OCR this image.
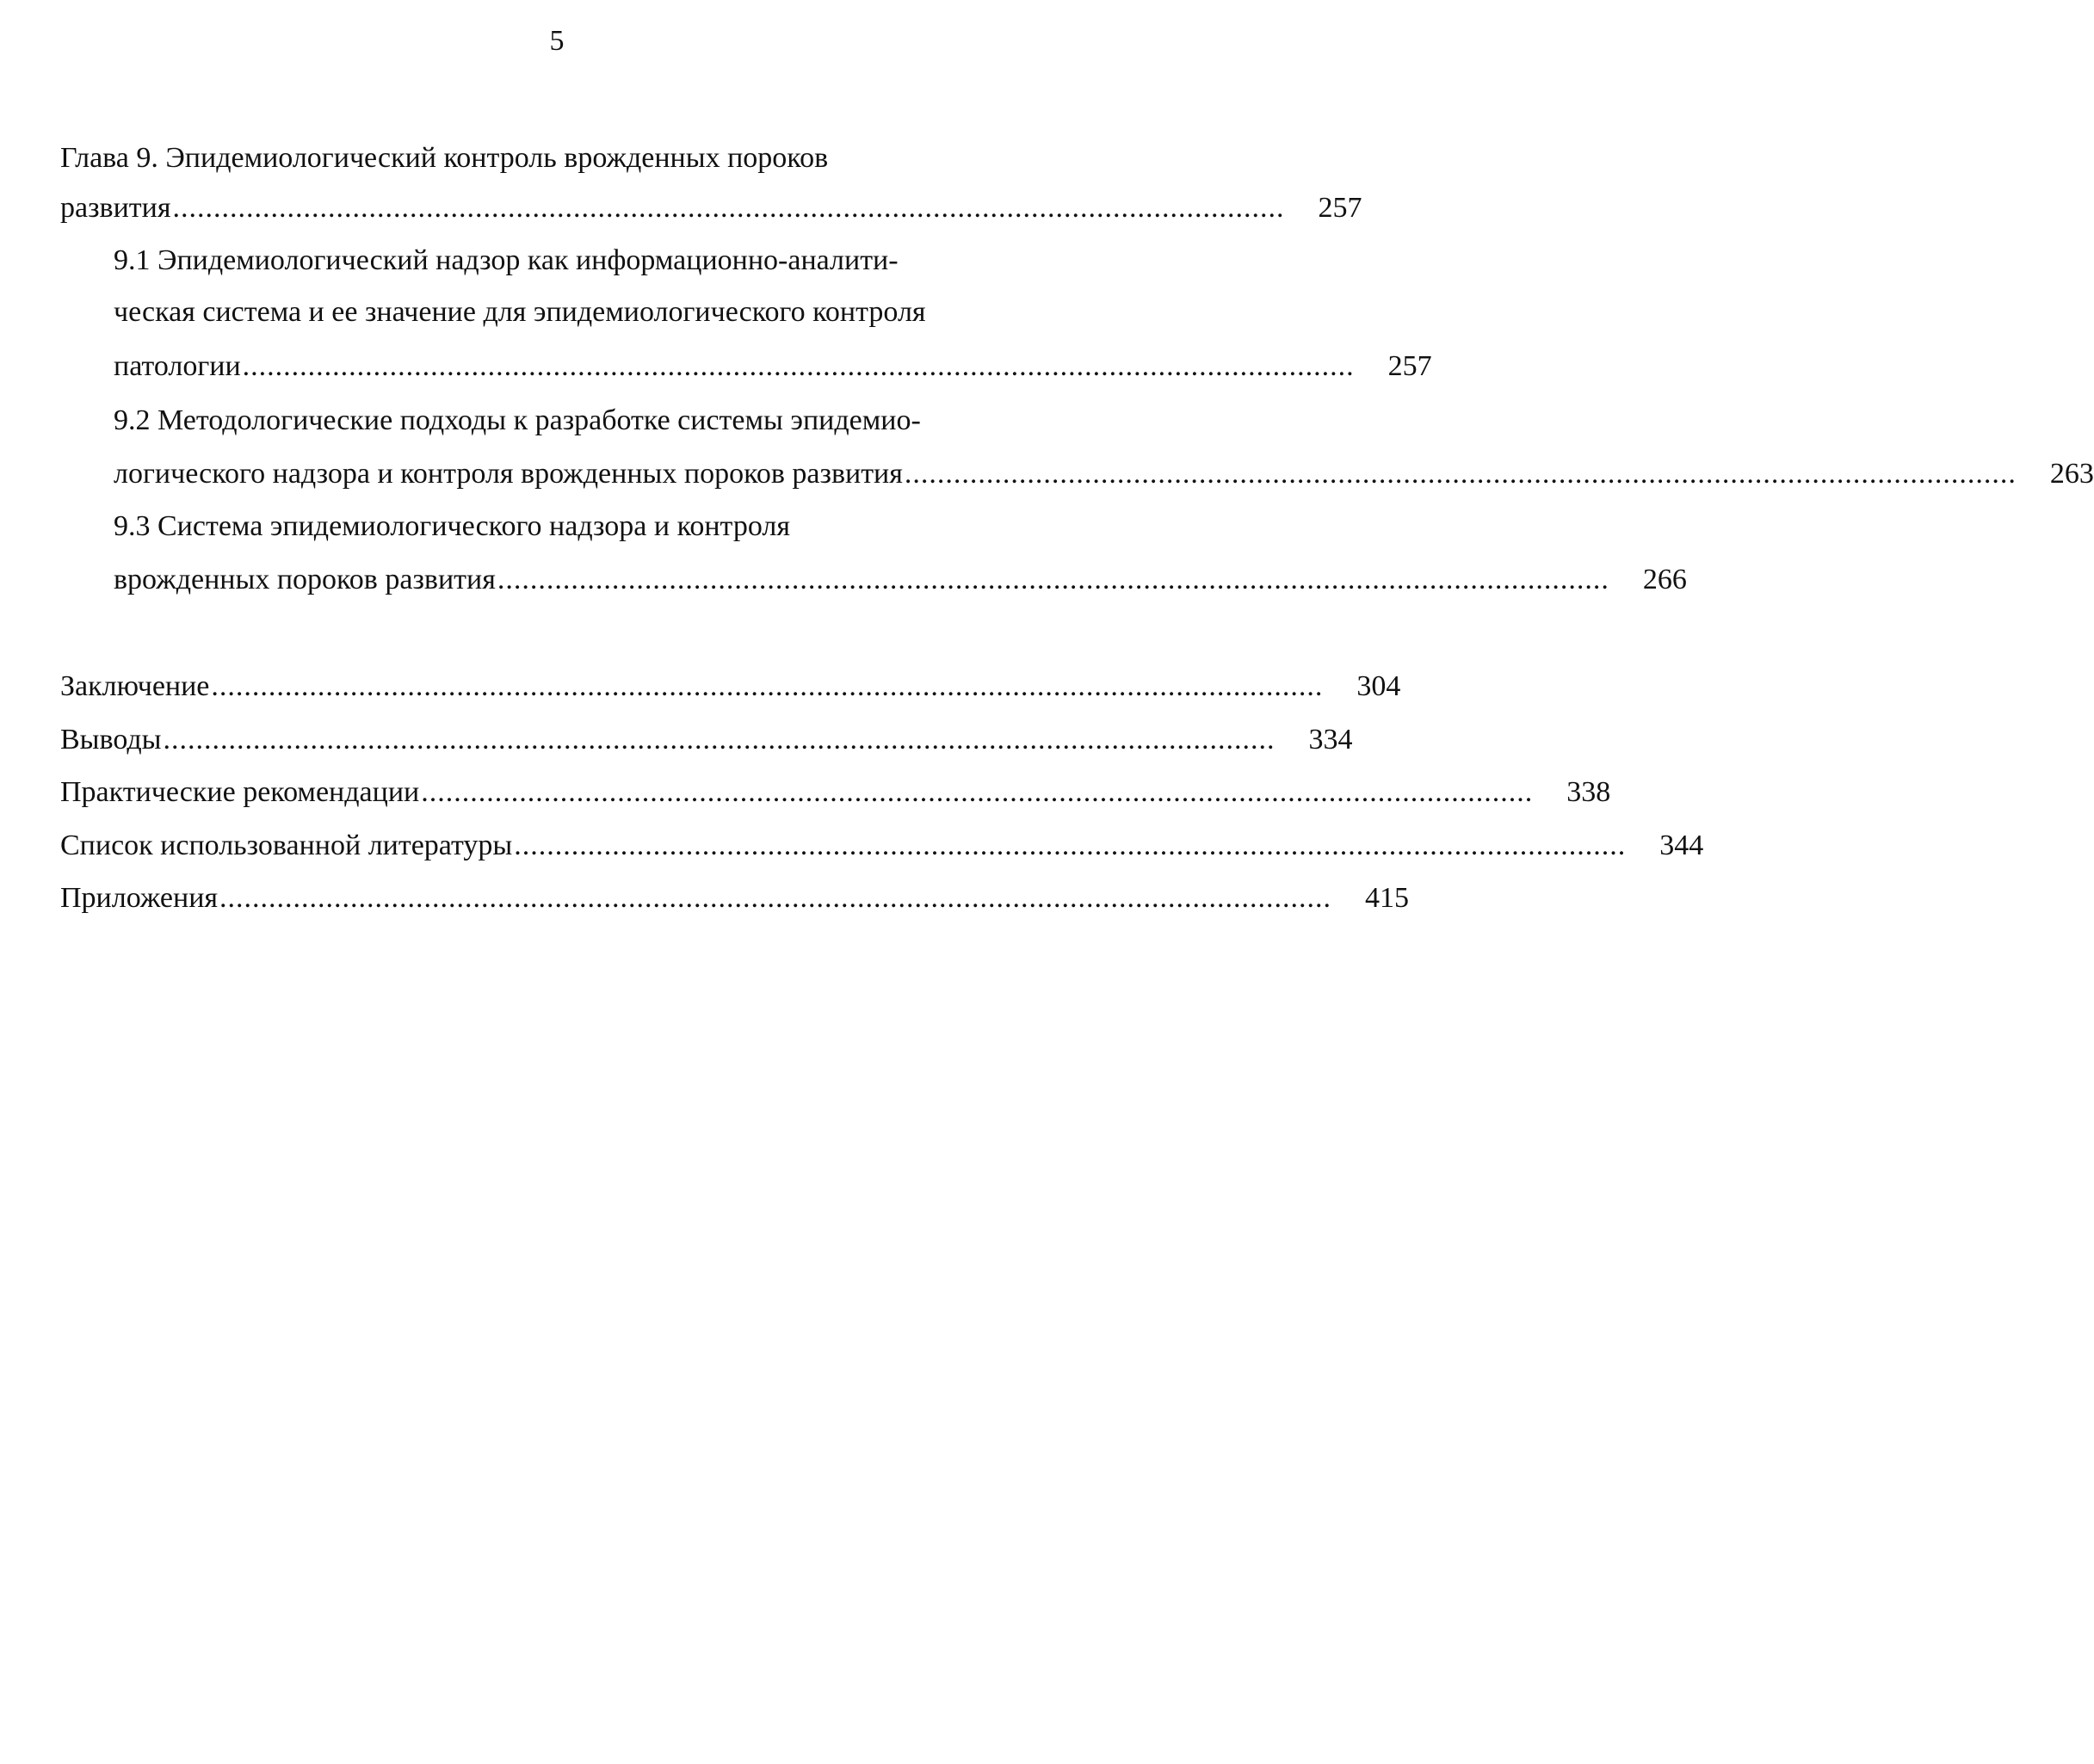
5
Глава 9. Эпидемиологический контроль врожденных пороков
развития ........................................................................................................................................	257
9.1 Эпидемиологический надзор как информационно-аналити-
ческая система и ее значение для эпидемиологического контроля
патологии ........................................................................................................................................	257
9.2 Методологические подходы к разработке системы эпидемио-
логического надзора и контроля врожденных пороков развития ........................................................................................................................................	263
9.3 Система эпидемиологического надзора и контроля
врожденных пороков развития ........................................................................................................................................	266
Заключение ........................................................................................................................................	304
Выводы ........................................................................................................................................	334
Практические рекомендации ........................................................................................................................................	338
Список использованной литературы ........................................................................................................................................	344
Приложения ........................................................................................................................................	415
